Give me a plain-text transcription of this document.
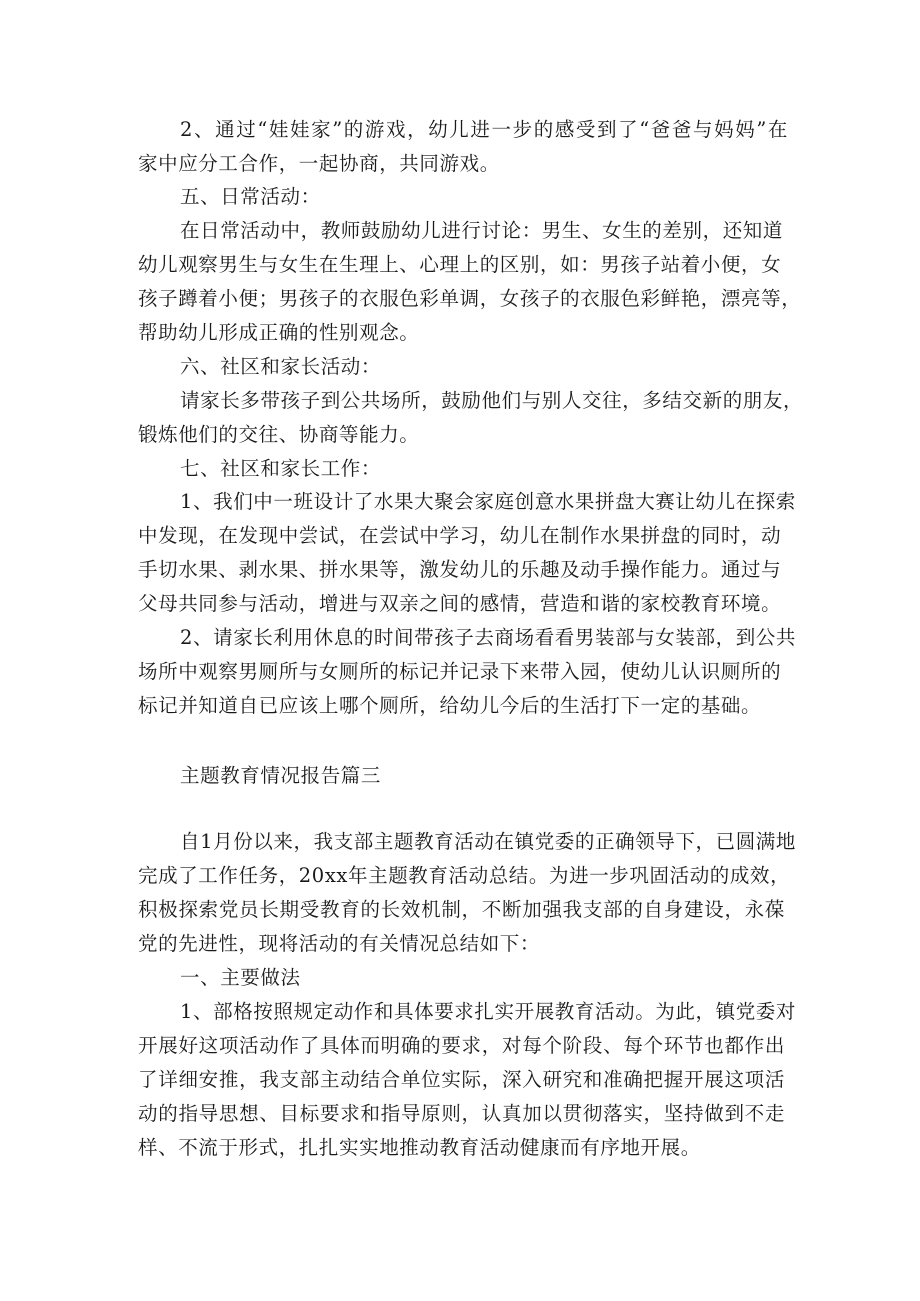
2、通过“娃娃家”的游戏，幼儿进一步的感受到了“爸爸与妈妈”在
家中应分工合作，一起协商，共同游戏。
五、日常活动：
在日常活动中，教师鼓励幼儿进行讨论：男生、女生的差别，还知道
幼儿观察男生与女生在生理上、心理上的区别，如：男孩子站着小便，女
孩子蹲着小便；男孩子的衣服色彩单调，女孩子的衣服色彩鲜艳，漂亮等，
帮助幼儿形成正确的性别观念。
六、社区和家长活动：
请家长多带孩子到公共场所，鼓励他们与别人交往，多结交新的朋友，
锻炼他们的交往、协商等能力。
七、社区和家长工作：
1、我们中一班设计了水果大聚会家庭创意水果拼盘大赛让幼儿在探索
中发现，在发现中尝试，在尝试中学习，幼儿在制作水果拼盘的同时，动
手切水果、剥水果、拼水果等，激发幼儿的乐趣及动手操作能力。通过与
父母共同参与活动，增进与双亲之间的感情，营造和谐的家校教育环境。
2、请家长利用休息的时间带孩子去商场看看男装部与女装部，到公共
场所中观察男厕所与女厕所的标记并记录下来带入园，使幼儿认识厕所的
标记并知道自已应该上哪个厕所，给幼儿今后的生活打下一定的基础。
主题教育情况报告篇三
自1月份以来，我支部主题教育活动在镇党委的正确领导下，已圆满地
完成了工作任务，20xx年主题教育活动总结。为进一步巩固活动的成效，
积极探索党员长期受教育的长效机制，不断加强我支部的自身建设，永葆
党的先进性，现将活动的有关情况总结如下：
一、主要做法
1、部格按照规定动作和具体要求扎实开展教育活动。为此，镇党委对
开展好这项活动作了具体而明确的要求，对每个阶段、每个环节也都作出
了详细安推，我支部主动结合单位实际，深入研究和准确把握开展这项活
动的指导思想、目标要求和指导原则，认真加以贯彻落实，坚持做到不走
样、不流于形式，扎扎实实地推动教育活动健康而有序地开展。
